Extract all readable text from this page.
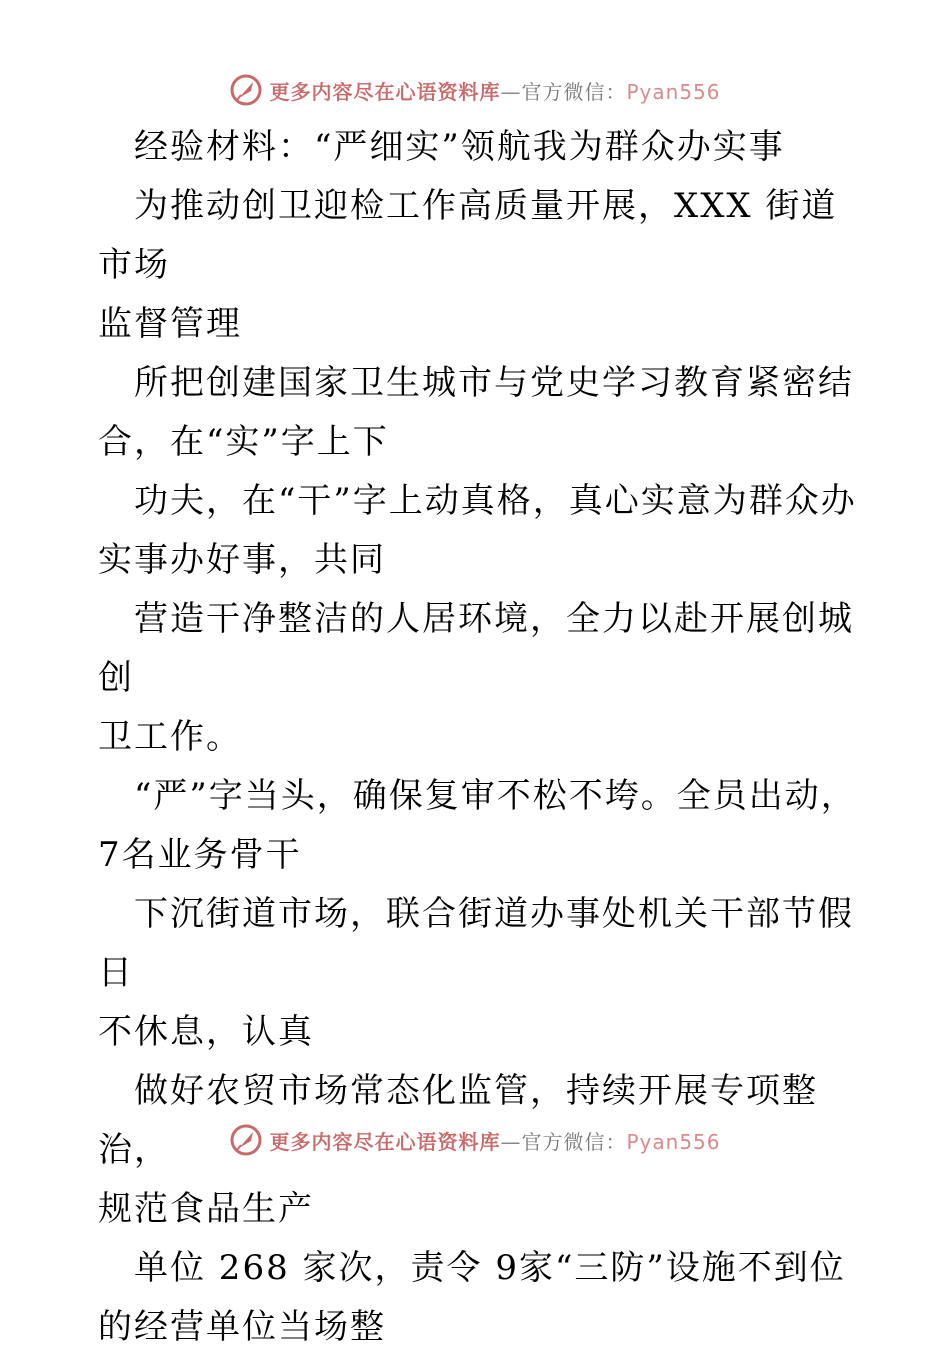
更多内容尽在心语资料库—官方微信：Pyan556

　经验材料：“严细实”领航我为群众办实事

　为推动创卫迎检工作高质量开展，XXX 街道市场

监督管理

　所把创建国家卫生城市与党史学习教育紧密结

合，在“实”字上下

　功夫，在“干”字上动真格，真心实意为群众办

实事办好事，共同

　营造干净整洁的人居环境，全力以赴开展创城创

卫工作。

　“严”字当头，确保复审不松不垮。全员出动，

7名业务骨干

　下沉街道市场，联合街道办事处机关干部节假日

不休息，认真

　做好农贸市场常态化监管，持续开展专项整治，

规范食品生产

　单位 268 家次，责令 9家“三防”设施不到位

的经营单位当场整

更多内容尽在心语资料库—官方微信：Pyan556
